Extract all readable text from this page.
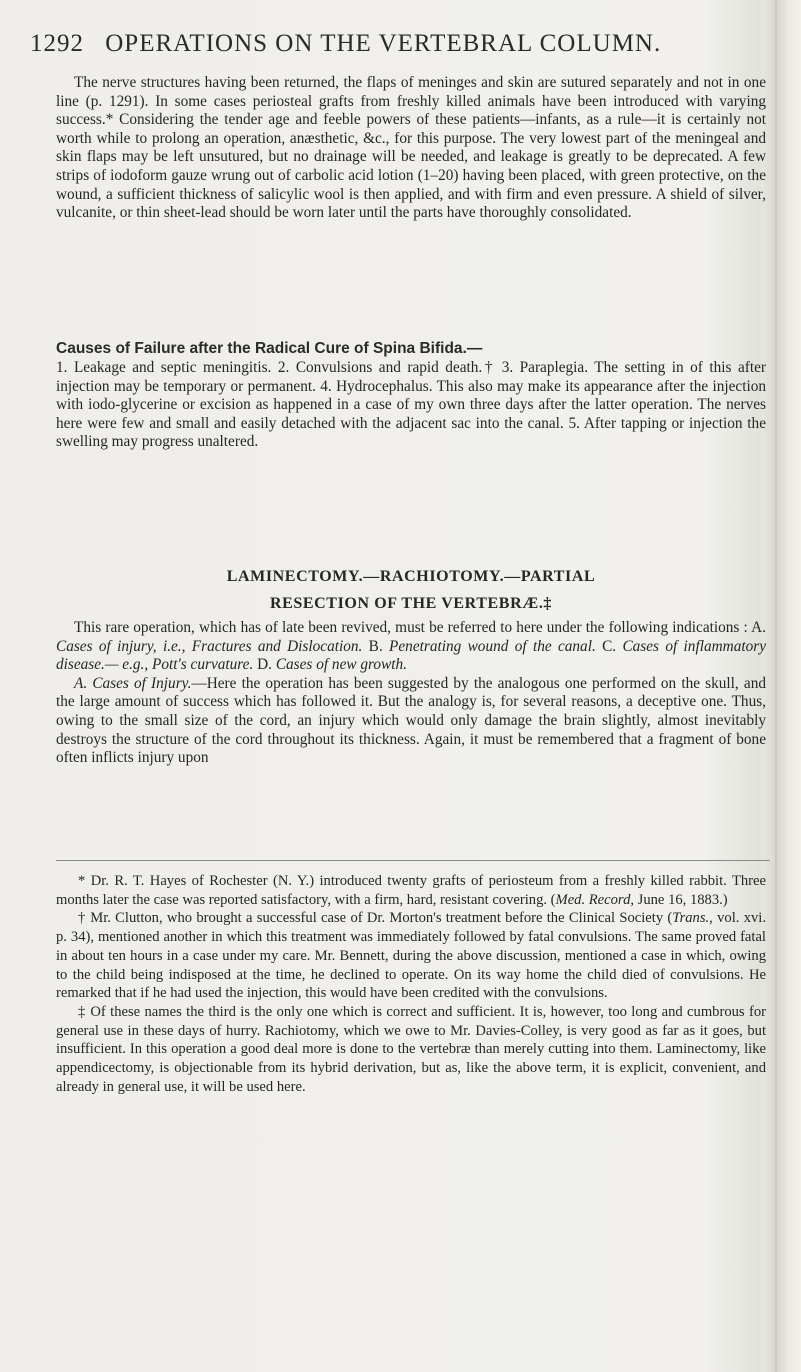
1292 OPERATIONS ON THE VERTEBRAL COLUMN.

The nerve structures having been returned, the flaps of meninges and skin are sutured separately and not in one line (p. 1291). In some cases periosteal grafts from freshly killed animals have been introduced with varying success.* Considering the tender age and feeble powers of these patients—infants, as a rule—it is certainly not worth while to prolong an operation, anæsthetic, &c., for this purpose. The very lowest part of the meningeal and skin flaps may be left unsutured, but no drainage will be needed, and leakage is greatly to be deprecated. A few strips of iodoform gauze wrung out of carbolic acid lotion (1–20) having been placed, with green protective, on the wound, a sufficient thickness of salicylic wool is then applied, and with firm and even pressure. A shield of silver, vulcanite, or thin sheet-lead should be worn later until the parts have thoroughly consolidated.

Causes of Failure after the Radical Cure of Spina Bifida.—

1. Leakage and septic meningitis. 2. Convulsions and rapid death.† 3. Paraplegia. The setting in of this after injection may be temporary or permanent. 4. Hydrocephalus. This also may make its appearance after the injection with iodo-glycerine or excision as happened in a case of my own three days after the latter operation. The nerves here were few and small and easily detached with the adjacent sac into the canal. 5. After tapping or injection the swelling may progress unaltered.

LAMINECTOMY.—RACHIOTOMY.—PARTIAL
RESECTION OF THE VERTEBRÆ.‡

This rare operation, which has of late been revived, must be referred to here under the following indications : A. Cases of injury, i.e., Fractures and Dislocation. B. Penetrating wound of the canal. C. Cases of inflammatory disease.— e.g., Pott's curvature. D. Cases of new growth.

A. Cases of Injury.—Here the operation has been suggested by the analogous one performed on the skull, and the large amount of success which has followed it. But the analogy is, for several reasons, a deceptive one. Thus, owing to the small size of the cord, an injury which would only damage the brain slightly, almost inevitably destroys the structure of the cord throughout its thickness. Again, it must be remembered that a fragment of bone often inflicts injury upon

* Dr. R. T. Hayes of Rochester (N. Y.) introduced twenty grafts of periosteum from a freshly killed rabbit. Three months later the case was reported satisfactory, with a firm, hard, resistant covering. (Med. Record, June 16, 1883.)

† Mr. Clutton, who brought a successful case of Dr. Morton's treatment before the Clinical Society (Trans., vol. xvi. p. 34), mentioned another in which this treatment was immediately followed by fatal convulsions. The same proved fatal in about ten hours in a case under my care. Mr. Bennett, during the above discussion, mentioned a case in which, owing to the child being indisposed at the time, he declined to operate. On its way home the child died of convulsions. He remarked that if he had used the injection, this would have been credited with the convulsions.

‡ Of these names the third is the only one which is correct and sufficient. It is, however, too long and cumbrous for general use in these days of hurry. Rachiotomy, which we owe to Mr. Davies-Colley, is very good as far as it goes, but insufficient. In this operation a good deal more is done to the vertebræ than merely cutting into them. Laminectomy, like appendicectomy, is objectionable from its hybrid derivation, but as, like the above term, it is explicit, convenient, and already in general use, it will be used here.
